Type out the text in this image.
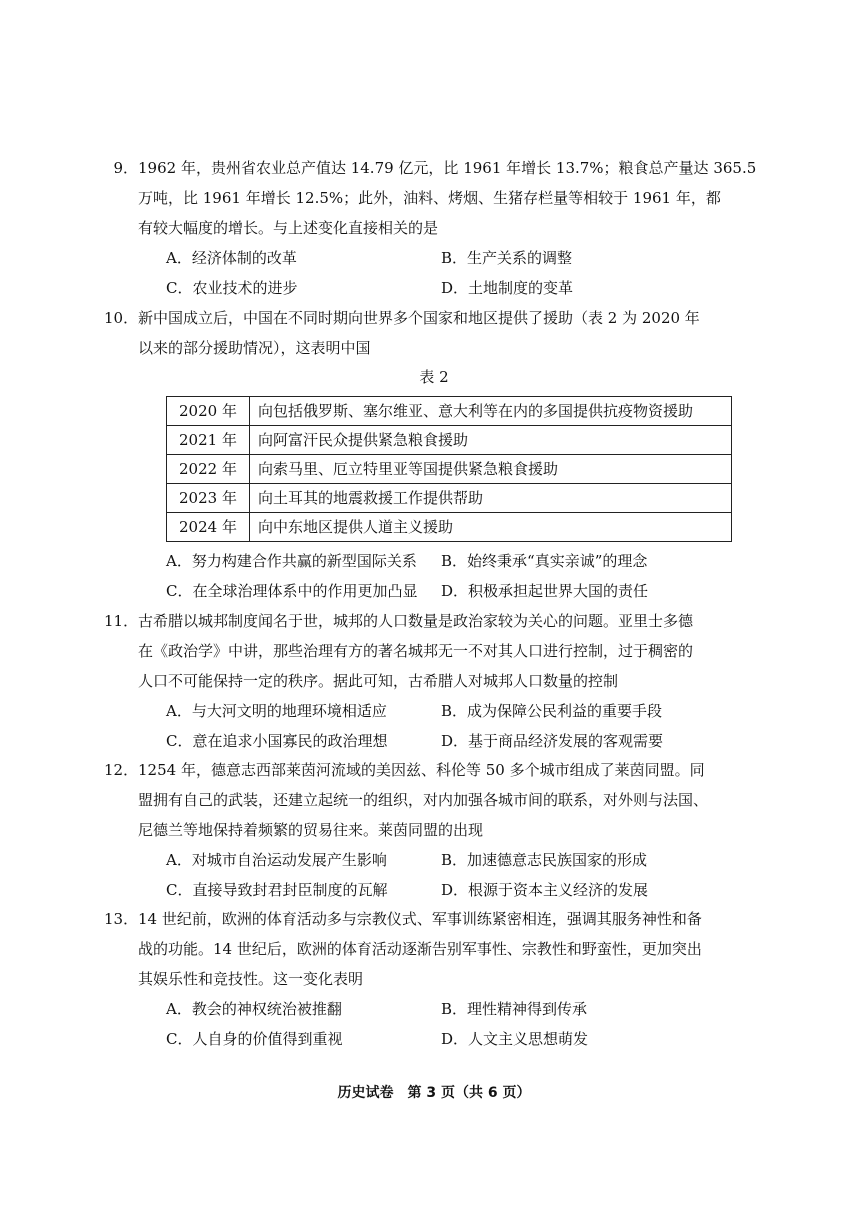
9． 1962 年，贵州省农业总产值达 14.79 亿元，比 1961 年增长 13.7%；粮食总产量达 365.5
万吨，比 1961 年增长 12.5%；此外，油料、烤烟、生猪存栏量等相较于 1961 年，都
有较大幅度的增长。与上述变化直接相关的是
A．经济体制的改革	B．生产关系的调整
C．农业技术的进步	D．土地制度的变革
10． 新中国成立后，中国在不同时期向世界多个国家和地区提供了援助（表 2 为 2020 年
以来的部分援助情况），这表明中国
表 2
2020 年	向包括俄罗斯、塞尔维亚、意大利等在内的多国提供抗疫物资援助
2021 年	向阿富汗民众提供紧急粮食援助
2022 年	向索马里、厄立特里亚等国提供紧急粮食援助
2023 年	向土耳其的地震救援工作提供帮助
2024 年	向中东地区提供人道主义援助
A．努力构建合作共赢的新型国际关系 B．始终秉承“真实亲诚”的理念
C．在全球治理体系中的作用更加凸显 D．积极承担起世界大国的责任
11． 古希腊以城邦制度闻名于世，城邦的人口数量是政治家较为关心的问题。亚里士多德
在《政治学》中讲，那些治理有方的著名城邦无一不对其人口进行控制，过于稠密的
人口不可能保持一定的秩序。据此可知，古希腊人对城邦人口数量的控制
A．与大河文明的地理环境相适应	B．成为保障公民利益的重要手段
C．意在追求小国寡民的政治理想	D．基于商品经济发展的客观需要
12． 1254 年，德意志西部莱茵河流域的美因兹、科伦等 50 多个城市组成了莱茵同盟。同
盟拥有自己的武装，还建立起统一的组织，对内加强各城市间的联系，对外则与法国、
尼德兰等地保持着频繁的贸易往来。莱茵同盟的出现
A．对城市自治运动发展产生影响	B．加速德意志民族国家的形成
C．直接导致封君封臣制度的瓦解	D．根源于资本主义经济的发展
13． 14 世纪前，欧洲的体育活动多与宗教仪式、军事训练紧密相连，强调其服务神性和备
战的功能。14 世纪后，欧洲的体育活动逐渐告别军事性、宗教性和野蛮性，更加突出
其娱乐性和竞技性。这一变化表明
A．教会的神权统治被推翻	B．理性精神得到传承
C．人自身的价值得到重视	D．人文主义思想萌发
历史试卷　第 3 页（共 6 页）
